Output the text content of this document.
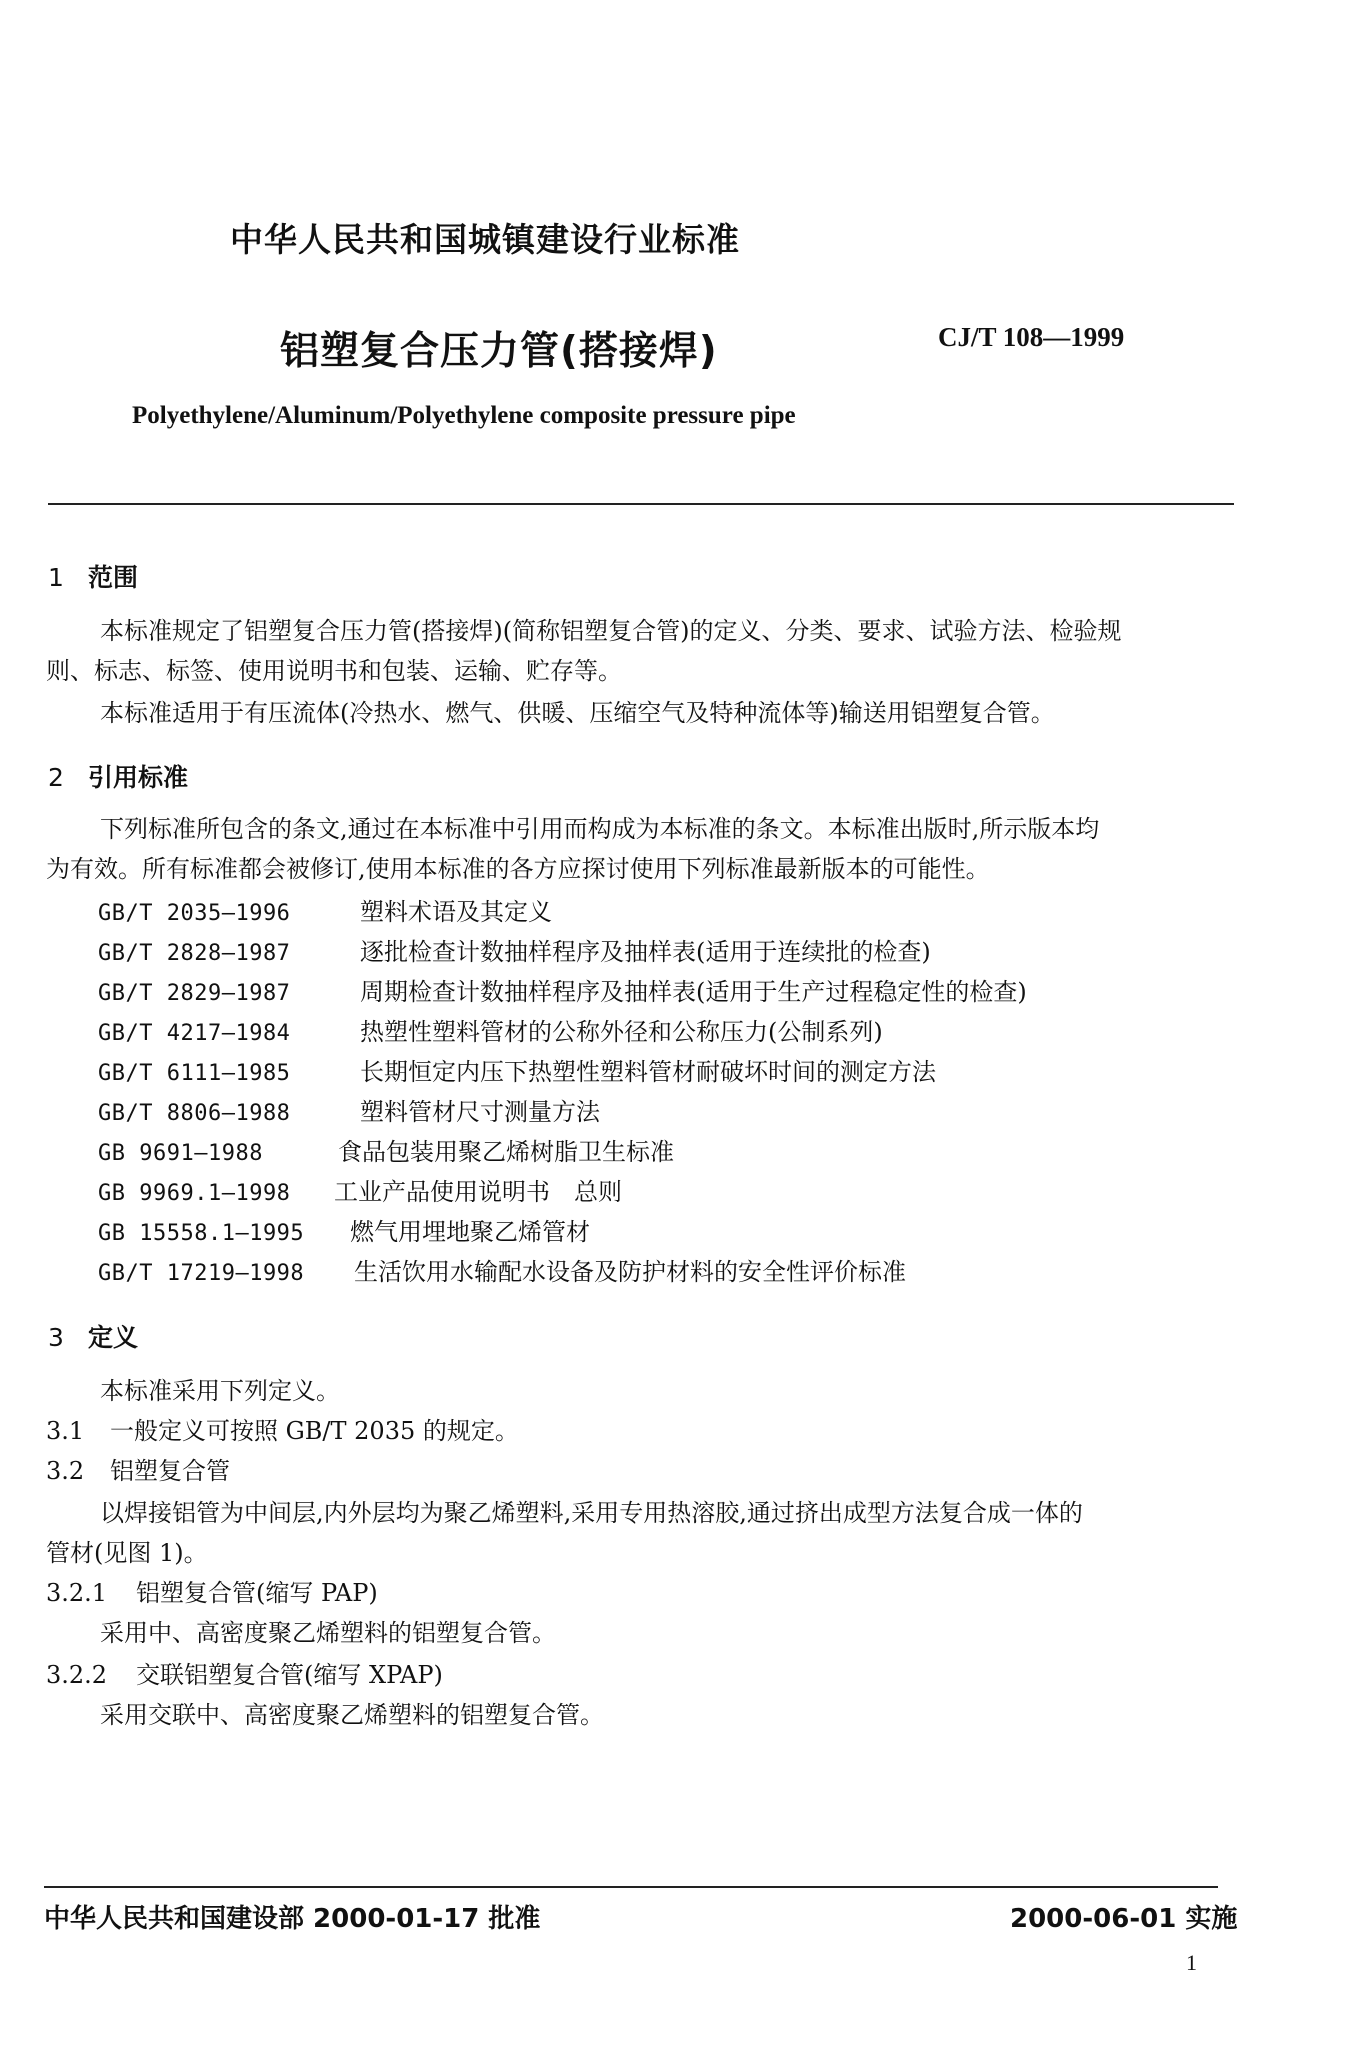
中华人民共和国城镇建设行业标准
铝塑复合压力管(搭接焊)	CJ/T 108—1999
Polyethylene/Aluminum/Polyethylene composite pressure pipe
1 范围
本标准规定了铝塑复合压力管(搭接焊)(简称铝塑复合管)的定义、分类、要求、试验方法、检验规
则、标志、标签、使用说明书和包装、运输、贮存等。
本标准适用于有压流体(冷热水、燃气、供暖、压缩空气及特种流体等)输送用铝塑复合管。
2 引用标准
下列标准所包含的条文,通过在本标准中引用而构成为本标准的条文。本标准出版时,所示版本均
为有效。所有标准都会被修订,使用本标准的各方应探讨使用下列标准最新版本的可能性。
GB/T 2035—1996	塑料术语及其定义
GB/T 2828—1987	逐批检查计数抽样程序及抽样表(适用于连续批的检查)
GB/T 2829—1987	周期检查计数抽样程序及抽样表(适用于生产过程稳定性的检查)
GB/T 4217—1984	热塑性塑料管材的公称外径和公称压力(公制系列)
GB/T 6111—1985	长期恒定内压下热塑性塑料管材耐破坏时间的测定方法
GB/T 8806—1988	塑料管材尺寸测量方法
GB 9691—1988	食品包装用聚乙烯树脂卫生标准
GB 9969.1—1998 工业产品使用说明书　总则
GB 15558.1—1995 燃气用埋地聚乙烯管材
GB/T 17219—1998 生活饮用水输配水设备及防护材料的安全性评价标准
3 定义
本标准采用下列定义。
3.1 一般定义可按照 GB/T 2035 的规定。
3.2 铝塑复合管
以焊接铝管为中间层,内外层均为聚乙烯塑料,采用专用热溶胶,通过挤出成型方法复合成一体的
管材(见图 1)。
3.2.1 铝塑复合管(缩写 PAP)
采用中、高密度聚乙烯塑料的铝塑复合管。
3.2.2 交联铝塑复合管(缩写 XPAP)
采用交联中、高密度聚乙烯塑料的铝塑复合管。
中华人民共和国建设部 2000-01-17 批准	2000-06-01 实施
1
